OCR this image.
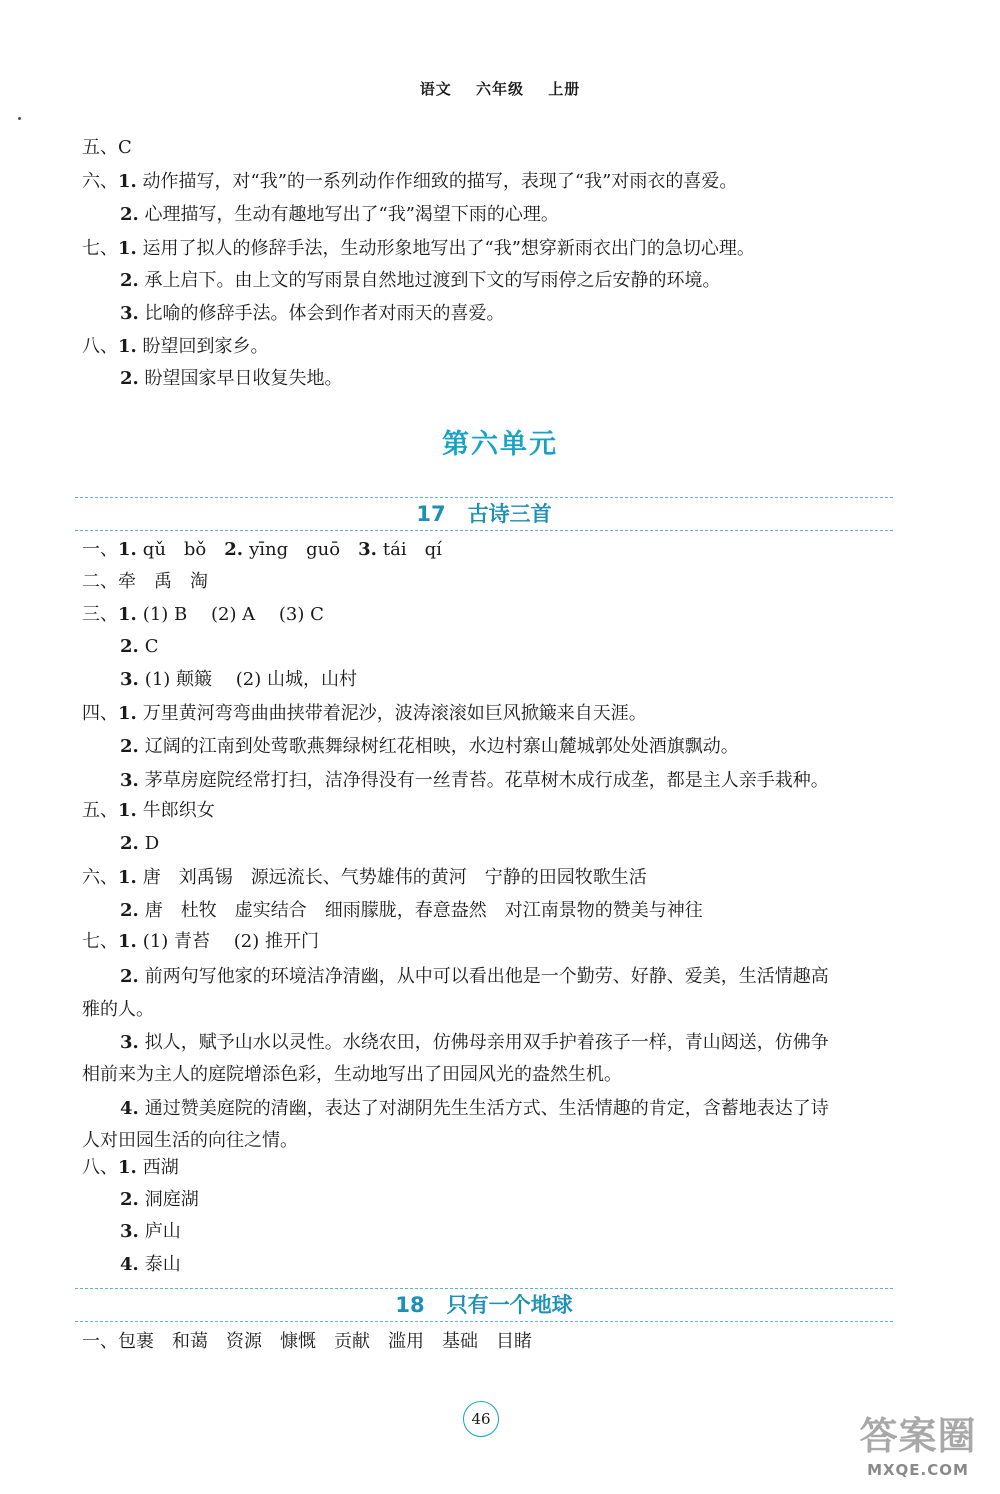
语文 六年级 上册
五、C
六、1. 动作描写，对“我”的一系列动作作细致的描写，表现了“我”对雨衣的喜爱。
2. 心理描写，生动有趣地写出了“我”渴望下雨的心理。
七、1. 运用了拟人的修辞手法，生动形象地写出了“我”想穿新雨衣出门的急切心理。
2. 承上启下。由上文的写雨景自然地过渡到下文的写雨停之后安静的环境。
3. 比喻的修辞手法。体会到作者对雨天的喜爱。
八、1. 盼望回到家乡。
2. 盼望国家早日收复失地。
第六单元
17 古诗三首
一、1. qǔ　bǒ　2. yīng　guō　3. tái　qí
二、牵　禹　淘
三、1. (1) B　 (2) A　 (3) C
2. C
3. (1) 颠簸　 (2) 山城，山村
四、1. 万里黄河弯弯曲曲挟带着泥沙，波涛滚滚如巨风掀簸来自天涯。
2. 辽阔的江南到处莺歌燕舞绿树红花相映，水边村寨山麓城郭处处酒旗飘动。
3. 茅草房庭院经常打扫，洁净得没有一丝青苔。花草树木成行成垄，都是主人亲手栽种。
五、1. 牛郎织女
2. D
六、1. 唐　刘禹锡　源远流长、气势雄伟的黄河　宁静的田园牧歌生活
2. 唐　杜牧　虚实结合　细雨朦胧，春意盎然　对江南景物的赞美与神往
七、1. (1) 青苔　 (2) 推开门
2. 前两句写他家的环境洁净清幽，从中可以看出他是一个勤劳、好静、爱美，生活情趣高
雅的人。
3. 拟人，赋予山水以灵性。水绕农田，仿佛母亲用双手护着孩子一样，青山闼送，仿佛争
相前来为主人的庭院增添色彩，生动地写出了田园风光的盎然生机。
4. 通过赞美庭院的清幽，表达了对湖阴先生生活方式、生活情趣的肯定，含蓄地表达了诗
人对田园生活的向往之情。
八、1. 西湖
2. 洞庭湖
3. 庐山
4. 泰山
18 只有一个地球
一、包裹　和蔼　资源　慷慨　贡献　滥用　基础　目睹
46	答案圈
MXQE.COM
